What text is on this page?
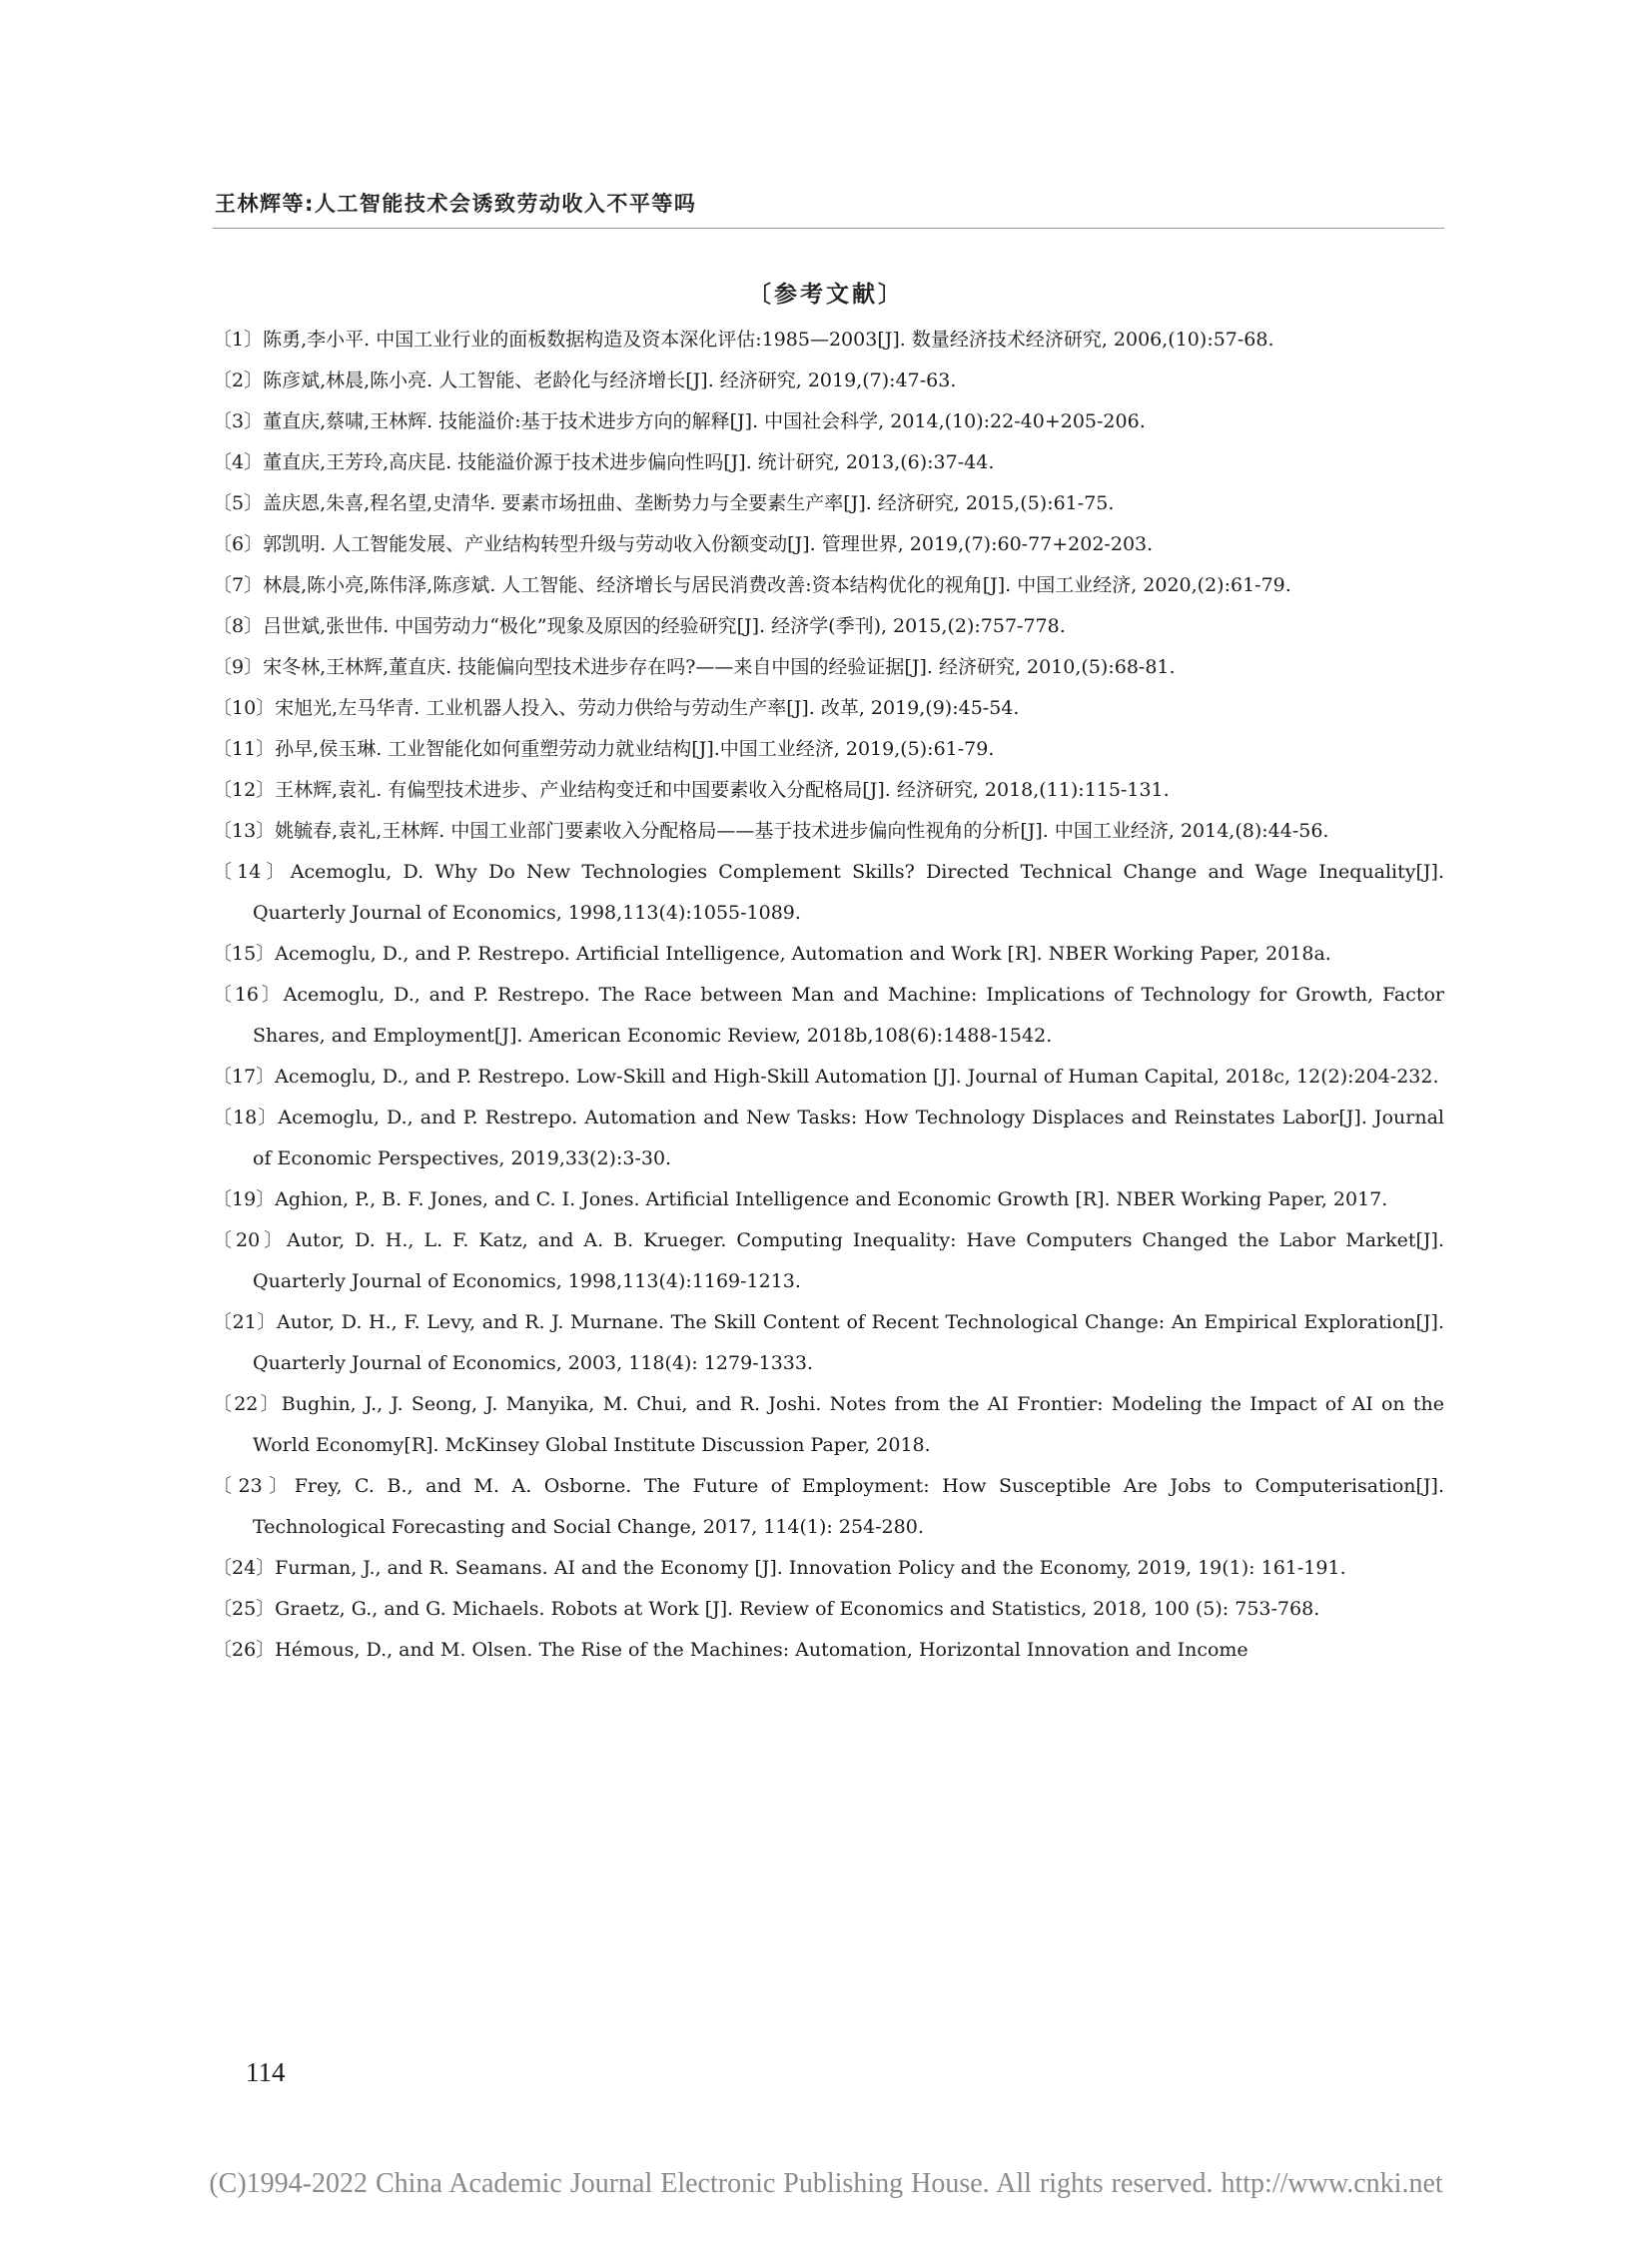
王林辉等:人工智能技术会诱致劳动收入不平等吗
〔参考文献〕
〔1〕陈勇,李小平. 中国工业行业的面板数据构造及资本深化评估:1985—2003[J]. 数量经济技术经济研究, 2006,(10):57-68.
〔2〕陈彦斌,林晨,陈小亮. 人工智能、老龄化与经济增长[J]. 经济研究, 2019,(7):47-63.
〔3〕董直庆,蔡啸,王林辉. 技能溢价:基于技术进步方向的解释[J]. 中国社会科学, 2014,(10):22-40+205-206.
〔4〕董直庆,王芳玲,高庆昆. 技能溢价源于技术进步偏向性吗[J]. 统计研究, 2013,(6):37-44.
〔5〕盖庆恩,朱喜,程名望,史清华. 要素市场扭曲、垄断势力与全要素生产率[J]. 经济研究, 2015,(5):61-75.
〔6〕郭凯明. 人工智能发展、产业结构转型升级与劳动收入份额变动[J]. 管理世界, 2019,(7):60-77+202-203.
〔7〕林晨,陈小亮,陈伟泽,陈彦斌. 人工智能、经济增长与居民消费改善:资本结构优化的视角[J]. 中国工业经济, 2020,(2):61-79.
〔8〕吕世斌,张世伟. 中国劳动力“极化”现象及原因的经验研究[J]. 经济学(季刊), 2015,(2):757-778.
〔9〕宋冬林,王林辉,董直庆. 技能偏向型技术进步存在吗?——来自中国的经验证据[J]. 经济研究, 2010,(5):68-81.
〔10〕宋旭光,左马华青. 工业机器人投入、劳动力供给与劳动生产率[J]. 改革, 2019,(9):45-54.
〔11〕孙早,侯玉琳. 工业智能化如何重塑劳动力就业结构[J].中国工业经济, 2019,(5):61-79.
〔12〕王林辉,袁礼. 有偏型技术进步、产业结构变迁和中国要素收入分配格局[J]. 经济研究, 2018,(11):115-131.
〔13〕姚毓春,袁礼,王林辉. 中国工业部门要素收入分配格局——基于技术进步偏向性视角的分析[J]. 中国工业经济, 2014,(8):44-56.
〔14〕Acemoglu, D. Why Do New Technologies Complement Skills? Directed Technical Change and Wage Inequality[J]. Quarterly Journal of Economics, 1998,113(4):1055-1089.
〔15〕Acemoglu, D., and P. Restrepo. Artificial Intelligence, Automation and Work [R]. NBER Working Paper, 2018a.
〔16〕Acemoglu, D., and P. Restrepo. The Race between Man and Machine: Implications of Technology for Growth, Factor Shares, and Employment[J]. American Economic Review, 2018b,108(6):1488-1542.
〔17〕Acemoglu, D., and P. Restrepo. Low-Skill and High-Skill Automation [J]. Journal of Human Capital, 2018c, 12(2):204-232.
〔18〕Acemoglu, D., and P. Restrepo. Automation and New Tasks: How Technology Displaces and Reinstates Labor[J]. Journal of Economic Perspectives, 2019,33(2):3-30.
〔19〕Aghion, P., B. F. Jones, and C. I. Jones. Artificial Intelligence and Economic Growth [R]. NBER Working Paper, 2017.
〔20〕Autor, D. H., L. F. Katz, and A. B. Krueger. Computing Inequality: Have Computers Changed the Labor Market[J]. Quarterly Journal of Economics, 1998,113(4):1169-1213.
〔21〕Autor, D. H., F. Levy, and R. J. Murnane. The Skill Content of Recent Technological Change: An Empirical Exploration[J]. Quarterly Journal of Economics, 2003, 118(4): 1279-1333.
〔22〕Bughin, J., J. Seong, J. Manyika, M. Chui, and R. Joshi. Notes from the AI Frontier: Modeling the Impact of AI on the World Economy[R]. McKinsey Global Institute Discussion Paper, 2018.
〔23〕Frey, C. B., and M. A. Osborne. The Future of Employment: How Susceptible Are Jobs to Computerisation[J]. Technological Forecasting and Social Change, 2017, 114(1): 254-280.
〔24〕Furman, J., and R. Seamans. AI and the Economy [J]. Innovation Policy and the Economy, 2019, 19(1): 161-191.
〔25〕Graetz, G., and G. Michaels. Robots at Work [J]. Review of Economics and Statistics, 2018, 100 (5): 753-768.
〔26〕Hémous, D., and M. Olsen. The Rise of the Machines: Automation, Horizontal Innovation and Income
114
(C)1994-2022 China Academic Journal Electronic Publishing House. All rights reserved. http://www.cnki.net
